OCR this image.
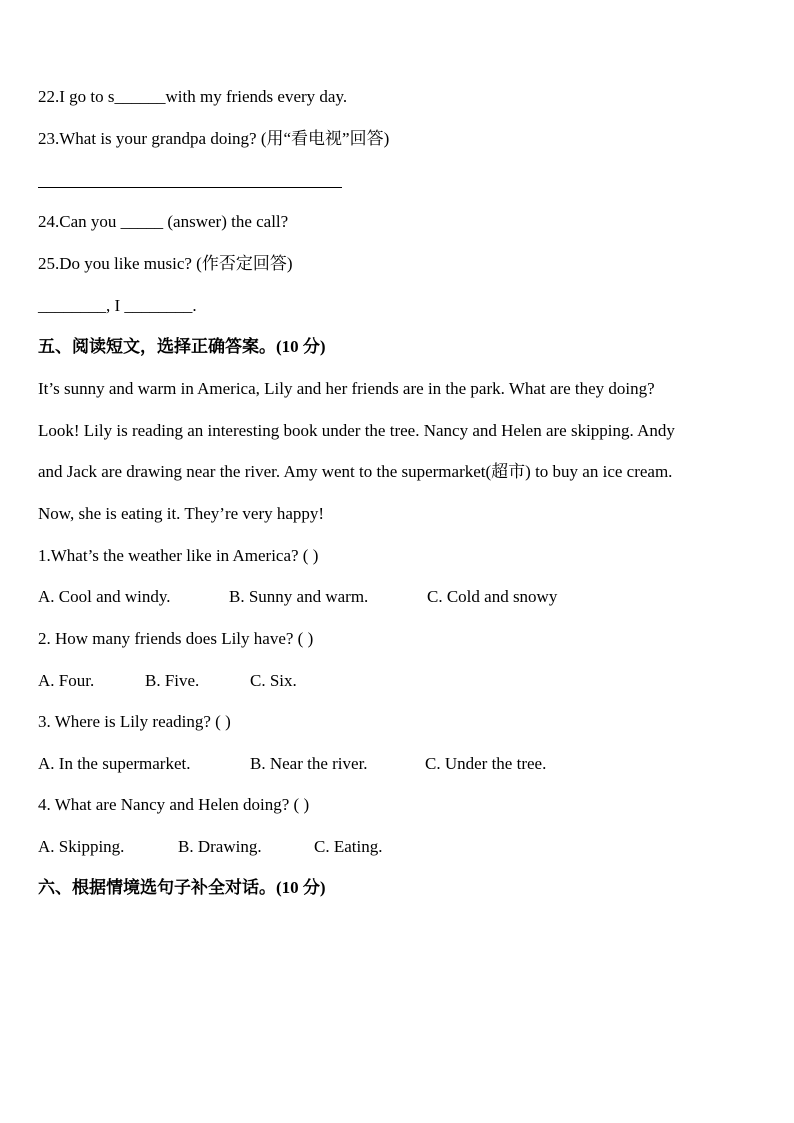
22.I go to s______with my friends every day.
23.What is your grandpa doing? (用“看电视”回答)
24.Can you _____ (answer) the call?
25.Do you like music? (作否定回答)
________, I ________.
五、阅读短文，选择正确答案。(10 分)
It’s sunny and warm in America, Lily and her friends are in the park. What are they doing?
Look! Lily is reading an interesting book under the tree. Nancy and Helen are skipping. Andy
and Jack are drawing near the river. Amy went to the supermarket(超市) to buy an ice cream.
Now, she is eating it. They’re very happy!
1.What’s the weather like in America? ( )
A. Cool and windy.	B. Sunny and warm.	C. Cold and snowy
2. How many friends does Lily have? ( )
A. Four.	B. Five.	C. Six.
3. Where is Lily reading? ( )
A. In the supermarket.	B. Near the river.	C. Under the tree.
4. What are Nancy and Helen doing? ( )
A. Skipping.	B. Drawing.	C. Eating.
六、根据情境选句子补全对话。(10 分)
